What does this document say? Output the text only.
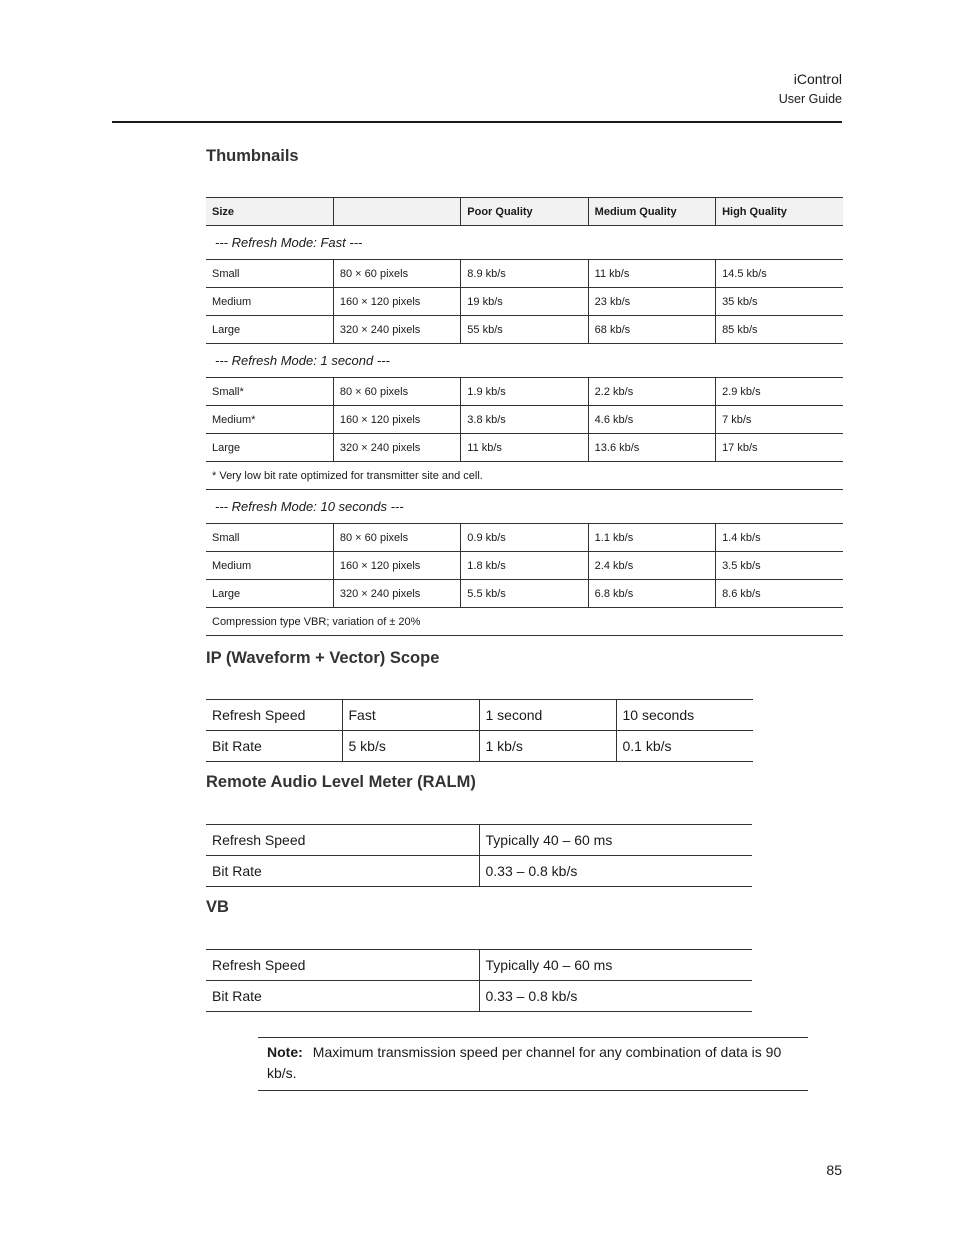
iControl
User Guide
Thumbnails
Size		Poor Quality	Medium Quality	High Quality
--- Refresh Mode: Fast ---				
Small	80 × 60 pixels	8.9 kb/s	11 kb/s	14.5 kb/s
Medium	160 × 120 pixels	19 kb/s	23 kb/s	35 kb/s
Large	320 × 240 pixels	55 kb/s	68 kb/s	85 kb/s
--- Refresh Mode: 1 second ---				
Small*	80 × 60 pixels	1.9 kb/s	2.2 kb/s	2.9 kb/s
Medium*	160 × 120 pixels	3.8 kb/s	4.6 kb/s	7 kb/s
Large	320 × 240 pixels	11 kb/s	13.6 kb/s	17 kb/s
* Very low bit rate optimized for transmitter site and cell.				
--- Refresh Mode: 10 seconds ---				
Small	80 × 60 pixels	0.9 kb/s	1.1 kb/s	1.4 kb/s
Medium	160 × 120 pixels	1.8 kb/s	2.4 kb/s	3.5 kb/s
Large	320 × 240 pixels	5.5 kb/s	6.8 kb/s	8.6 kb/s
Compression type VBR; variation of ± 20%				
IP (Waveform + Vector) Scope
Refresh Speed	Fast	1 second	10 seconds
Bit Rate	5 kb/s	1 kb/s	0.1 kb/s
Remote Audio Level Meter (RALM)
Refresh Speed	Typically 40 – 60 ms
Bit Rate	0.33 – 0.8 kb/s
VB
Refresh Speed	Typically 40 – 60 ms
Bit Rate	0.33 – 0.8 kb/s
Note: Maximum transmission speed per channel for any combination of data is 90 kb/s.
85
